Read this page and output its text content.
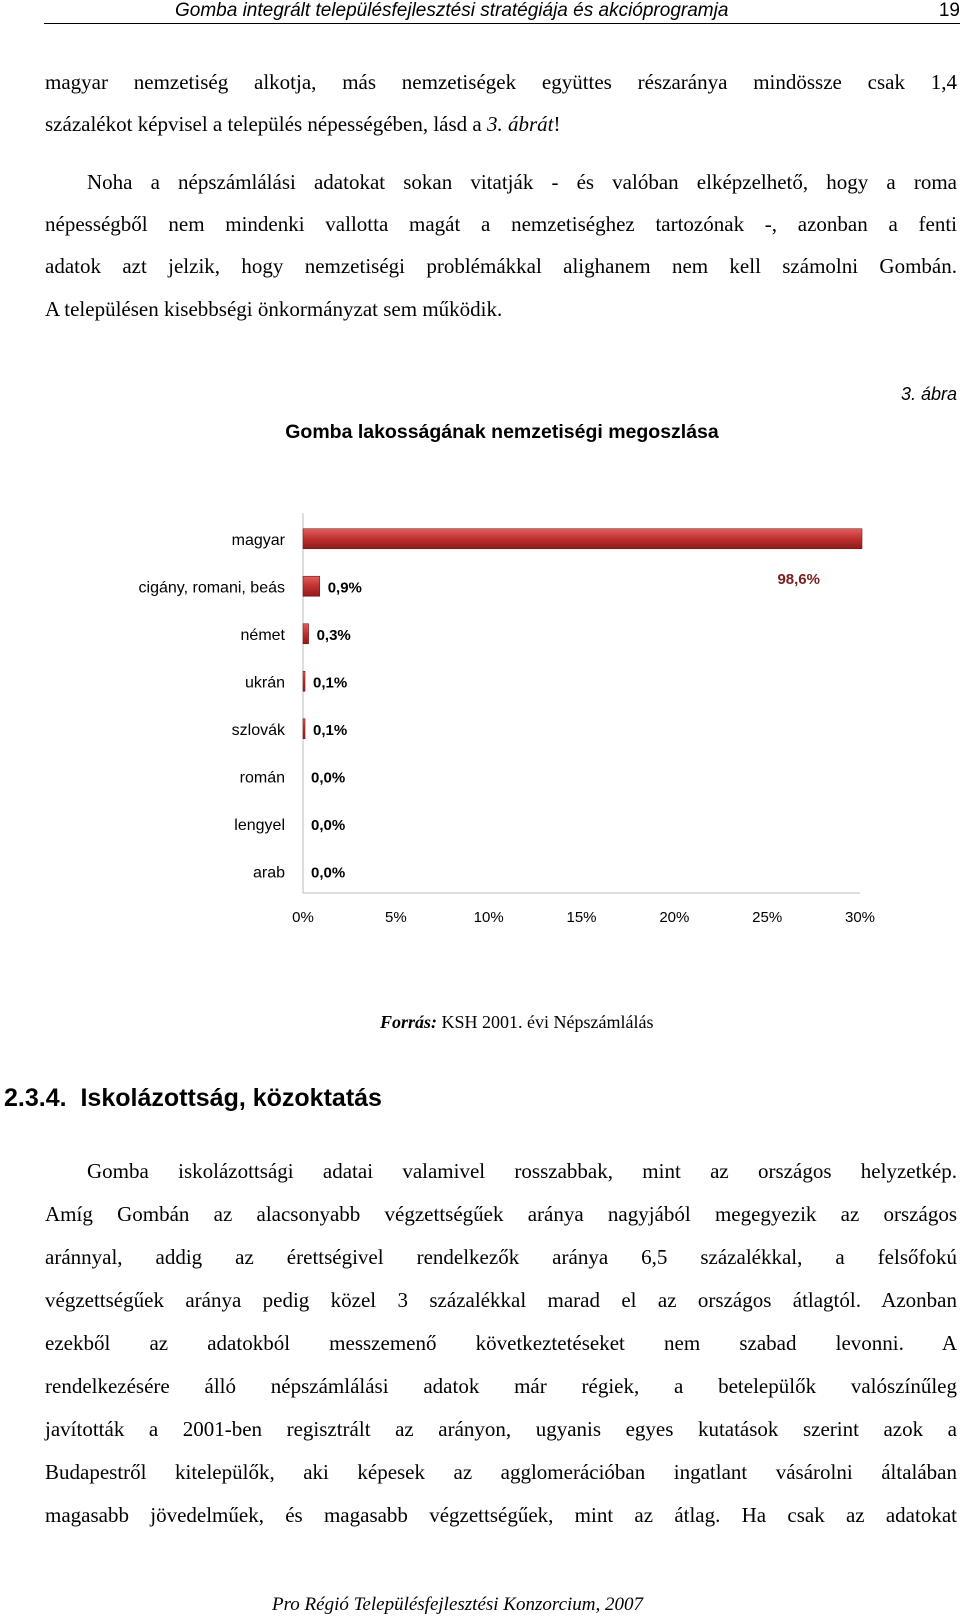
Gomba integrált településfejlesztési stratégiája és akcióprogramja	19
magyar nemzetiség alkotja, más nemzetiségek együttes részaránya mindössze csak 1,4
százalékot képvisel a település népességében, lásd a 3. ábrát!
Noha a népszámlálási adatokat sokan vitatják - és valóban elképzelhető, hogy a roma
népességből nem mindenki vallotta magát a nemzetiséghez tartozónak -, azonban a fenti
adatok azt jelzik, hogy nemzetiségi problémákkal alighanem nem kell számolni Gombán.
A településen kisebbségi önkormányzat sem működik.
3. ábra
Gomba lakosságának nemzetiségi megoszlása
magyar
cigány, romani, beás
német
ukrán
szlovák
román
lengyel
arab
98,6%
0,9%
0,3%
0,1%
0,1%
0,0%
0,0%
0,0%
0%	5%	10%	15%	20%	25%	30%
Forrás: KSH 2001. évi Népszámlálás
2.3.4. Iskolázottság, közoktatás
Gomba iskolázottsági adatai valamivel rosszabbak, mint az országos helyzetkép.
Amíg Gombán az alacsonyabb végzettségűek aránya nagyjából megegyezik az országos
aránnyal, addig az érettségivel rendelkezők aránya 6,5 százalékkal, a felsőfokú
végzettségűek aránya pedig közel 3 százalékkal marad el az országos átlagtól. Azonban
ezekből az adatokból messzemenő következtetéseket nem szabad levonni. A
rendelkezésére álló népszámlálási adatok már régiek, a betelepülők valószínűleg
javították a 2001-ben regisztrált az arányon, ugyanis egyes kutatások szerint azok a
Budapestről kitelepülők, aki képesek az agglomerációban ingatlant vásárolni általában
magasabb jövedelműek, és magasabb végzettségűek, mint az átlag. Ha csak az adatokat
Pro Régió Településfejlesztési Konzorcium, 2007
